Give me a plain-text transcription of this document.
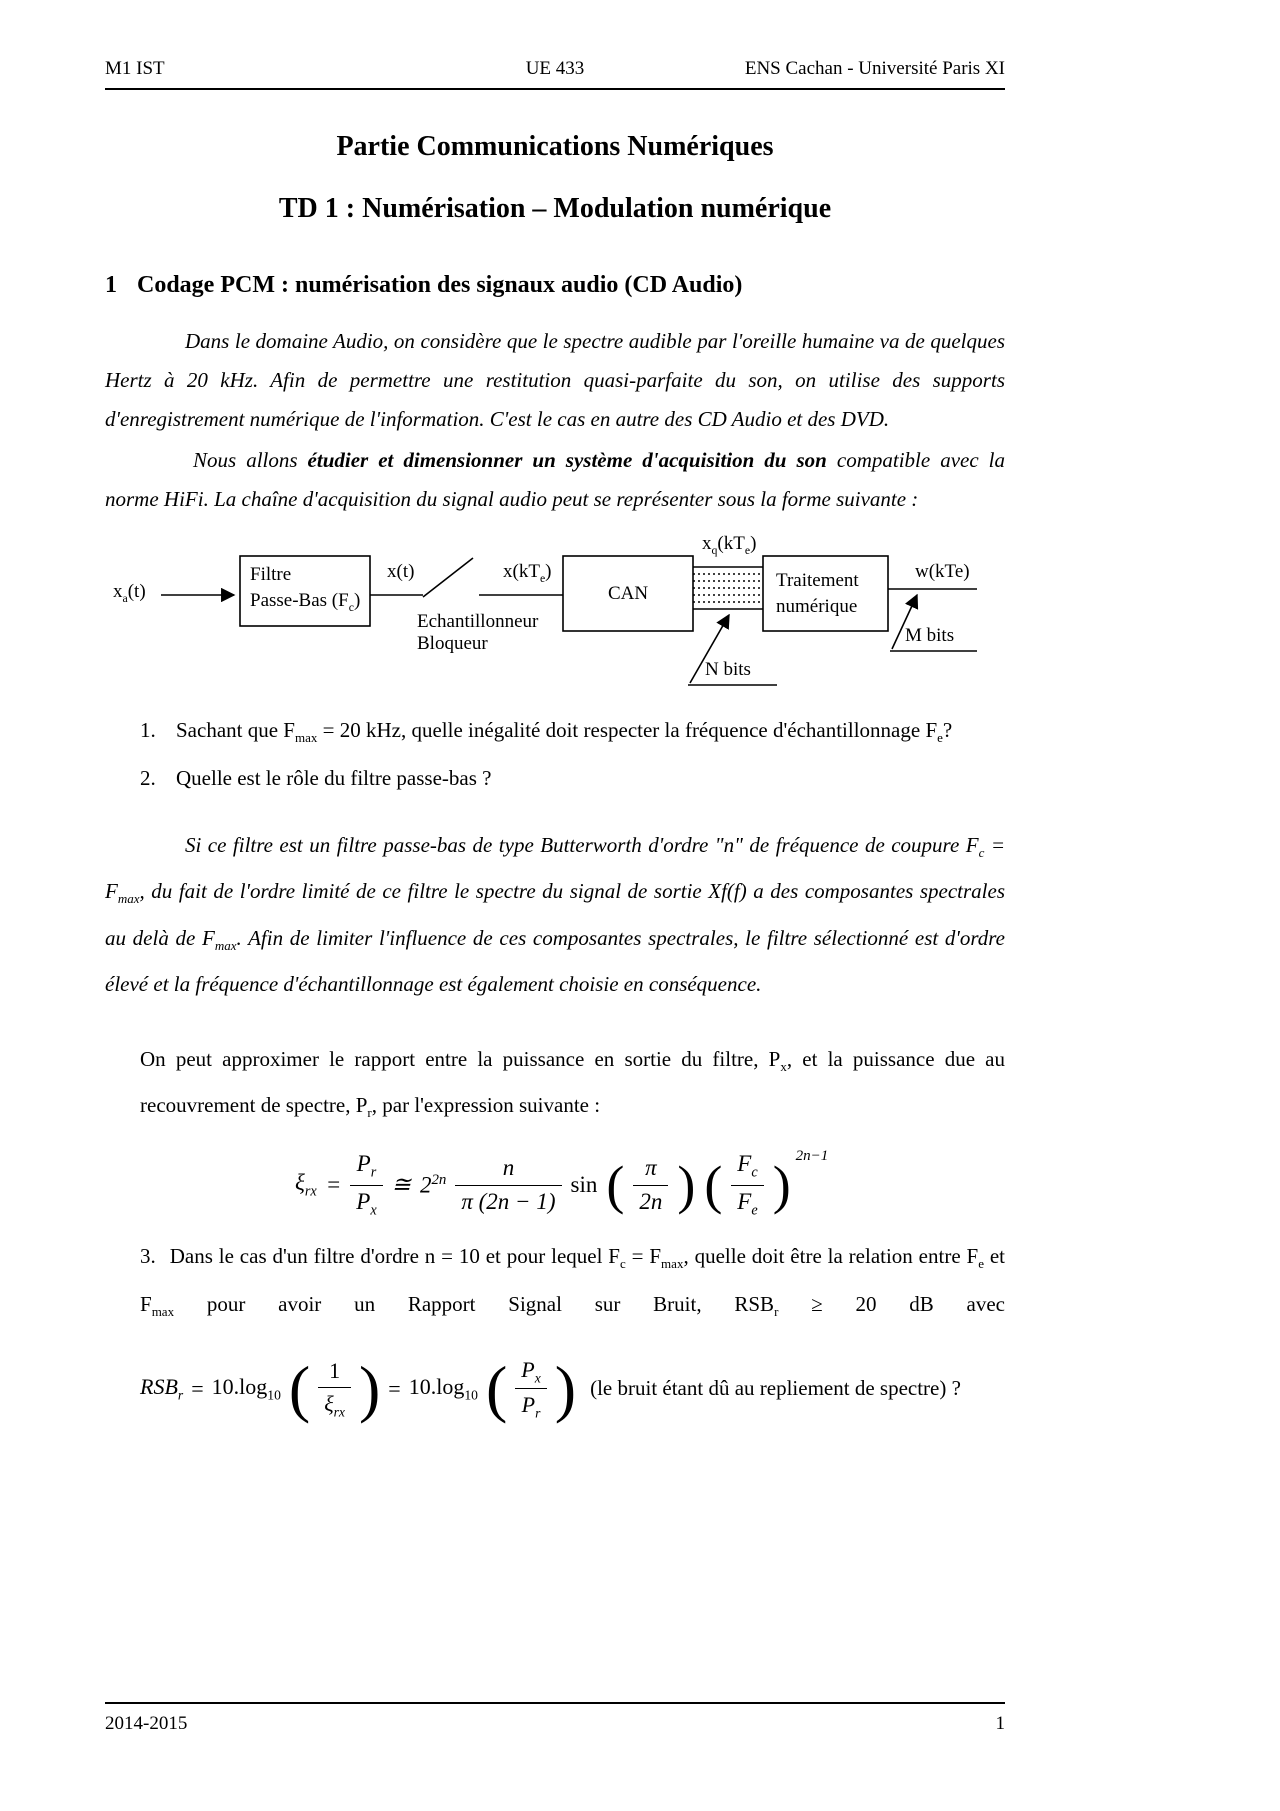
M1 IST	UE 433	ENS Cachan - Université Paris XI
Partie Communications Numériques
TD 1 : Numérisation – Modulation numérique
1 Codage PCM : numérisation des signaux audio (CD Audio)
Dans le domaine Audio, on considère que le spectre audible par l'oreille humaine va de quelques Hertz à 20 kHz. Afin de permettre une restitution quasi-parfaite du son, on utilise des supports d'enregistrement numérique de l'information. C'est le cas en autre des CD Audio et des DVD.
Nous allons étudier et dimensionner un système d'acquisition du son compatible avec la norme HiFi. La chaîne d'acquisition du signal audio peut se représenter sous la forme suivante :
$x_a(t)$
Filtre
Passe-Bas $(F_c)$
x(t)
Echantillonneur
Bloqueur
$x(kT_e)$
CAN
$x_q(kT_e)$
Traitement
numérique
w(kTe)
N bits
M bits
1. Sachant que $F_{max} = 20$ kHz, quelle inégalité doit respecter la fréquence d'échantillonnage $F_e$?
2. Quelle est le rôle du filtre passe-bas ?
Si ce filtre est un filtre passe-bas de type Butterworth d'ordre "n" de fréquence de coupure $F_c = F_{max}$, du fait de l'ordre limité de ce filtre le spectre du signal de sortie Xf(f) a des composantes spectrales au delà de $F_{max}$. Afin de limiter l'influence de ces composantes spectrales, le filtre sélectionné est d'ordre élevé et la fréquence d'échantillonnage est également choisie en conséquence.
On peut approximer le rapport entre la puissance en sortie du filtre, $P_x$, et la puissance due au recouvrement de spectre, $P_r$, par l'expression suivante :
$\xi_{rx} = \frac{P_r}{P_x}$ ≅ $2^{2n} \frac{n}{\pi (2n - 1)}$ sin ( $\frac{\pi}{2n}$ ) ( $\frac{F_c}{F_e}$ ) 2n−1
3. Dans le cas d'un filtre d'ordre n = 10 et pour lequel $F_c = F_{max}$, quelle doit être la relation entre $F_e$ et $F_{max}$ pour avoir un Rapport Signal sur Bruit, $RSB_r \ge 20$ dB avec
$RSB_r = 10.\log_{10}$ ( $\frac{1}{\xi_{rx}}$ ) = $10.\log_{10}$ ( $\frac{P_x}{P_r}$ ) (le bruit étant dû au repliement de spectre) ?
2014-2015	1
